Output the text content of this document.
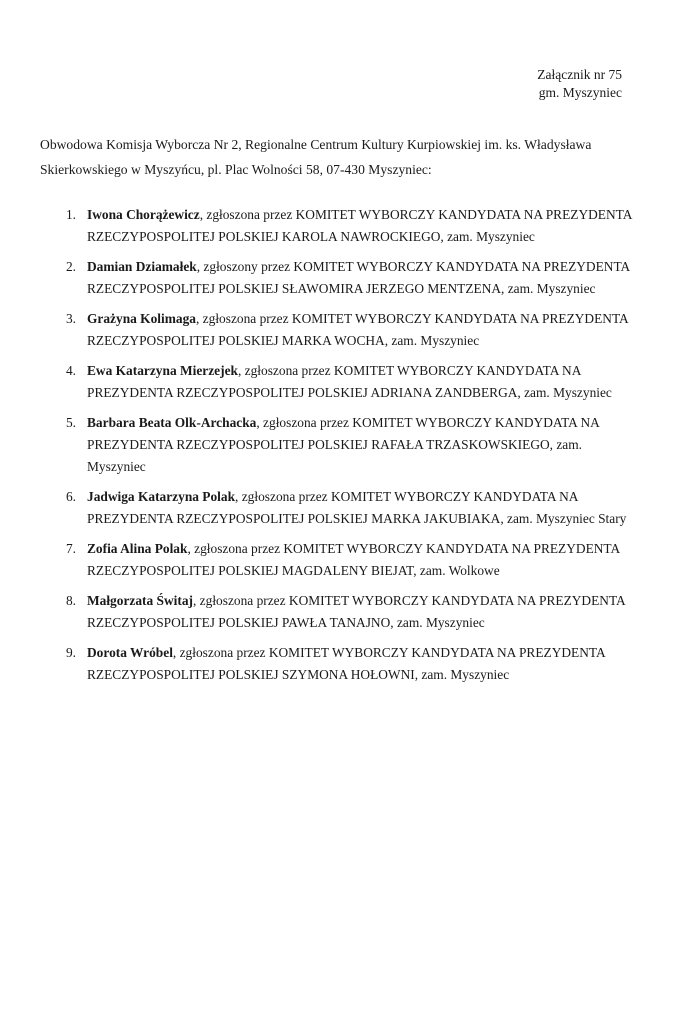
Załącznik nr 75
gm. Myszyniec

Obwodowa Komisja Wyborcza Nr 2, Regionalne Centrum Kultury Kurpiowskiej im. ks. Władysława Skierkowskiego w Myszyńcu, pl. Plac Wolności 58, 07-430 Myszyniec:

1. Iwona Chorążewicz, zgłoszona przez KOMITET WYBORCZY KANDYDATA NA PREZYDENTA RZECZYPOSPOLITEJ POLSKIEJ KAROLA NAWROCKIEGO, zam. Myszyniec
2. Damian Dziamałek, zgłoszony przez KOMITET WYBORCZY KANDYDATA NA PREZYDENTA RZECZYPOSPOLITEJ POLSKIEJ SŁAWOMIRA JERZEGO MENTZENA, zam. Myszyniec
3. Grażyna Kolimaga, zgłoszona przez KOMITET WYBORCZY KANDYDATA NA PREZYDENTA RZECZYPOSPOLITEJ POLSKIEJ MARKA WOCHA, zam. Myszyniec
4. Ewa Katarzyna Mierzejek, zgłoszona przez KOMITET WYBORCZY KANDYDATA NA PREZYDENTA RZECZYPOSPOLITEJ POLSKIEJ ADRIANA ZANDBERGA, zam. Myszyniec
5. Barbara Beata Olk-Archacka, zgłoszona przez KOMITET WYBORCZY KANDYDATA NA PREZYDENTA RZECZYPOSPOLITEJ POLSKIEJ RAFAŁA TRZASKOWSKIEGO, zam. Myszyniec
6. Jadwiga Katarzyna Polak, zgłoszona przez KOMITET WYBORCZY KANDYDATA NA PREZYDENTA RZECZYPOSPOLITEJ POLSKIEJ MARKA JAKUBIAKA, zam. Myszyniec Stary
7. Zofia Alina Polak, zgłoszona przez KOMITET WYBORCZY KANDYDATA NA PREZYDENTA RZECZYPOSPOLITEJ POLSKIEJ MAGDALENY BIEJAT, zam. Wolkowe
8. Małgorzata Świtaj, zgłoszona przez KOMITET WYBORCZY KANDYDATA NA PREZYDENTA RZECZYPOSPOLITEJ POLSKIEJ PAWŁA TANAJNO, zam. Myszyniec
9. Dorota Wróbel, zgłoszona przez KOMITET WYBORCZY KANDYDATA NA PREZYDENTA RZECZYPOSPOLITEJ POLSKIEJ SZYMONA HOŁOWNI, zam. Myszyniec
